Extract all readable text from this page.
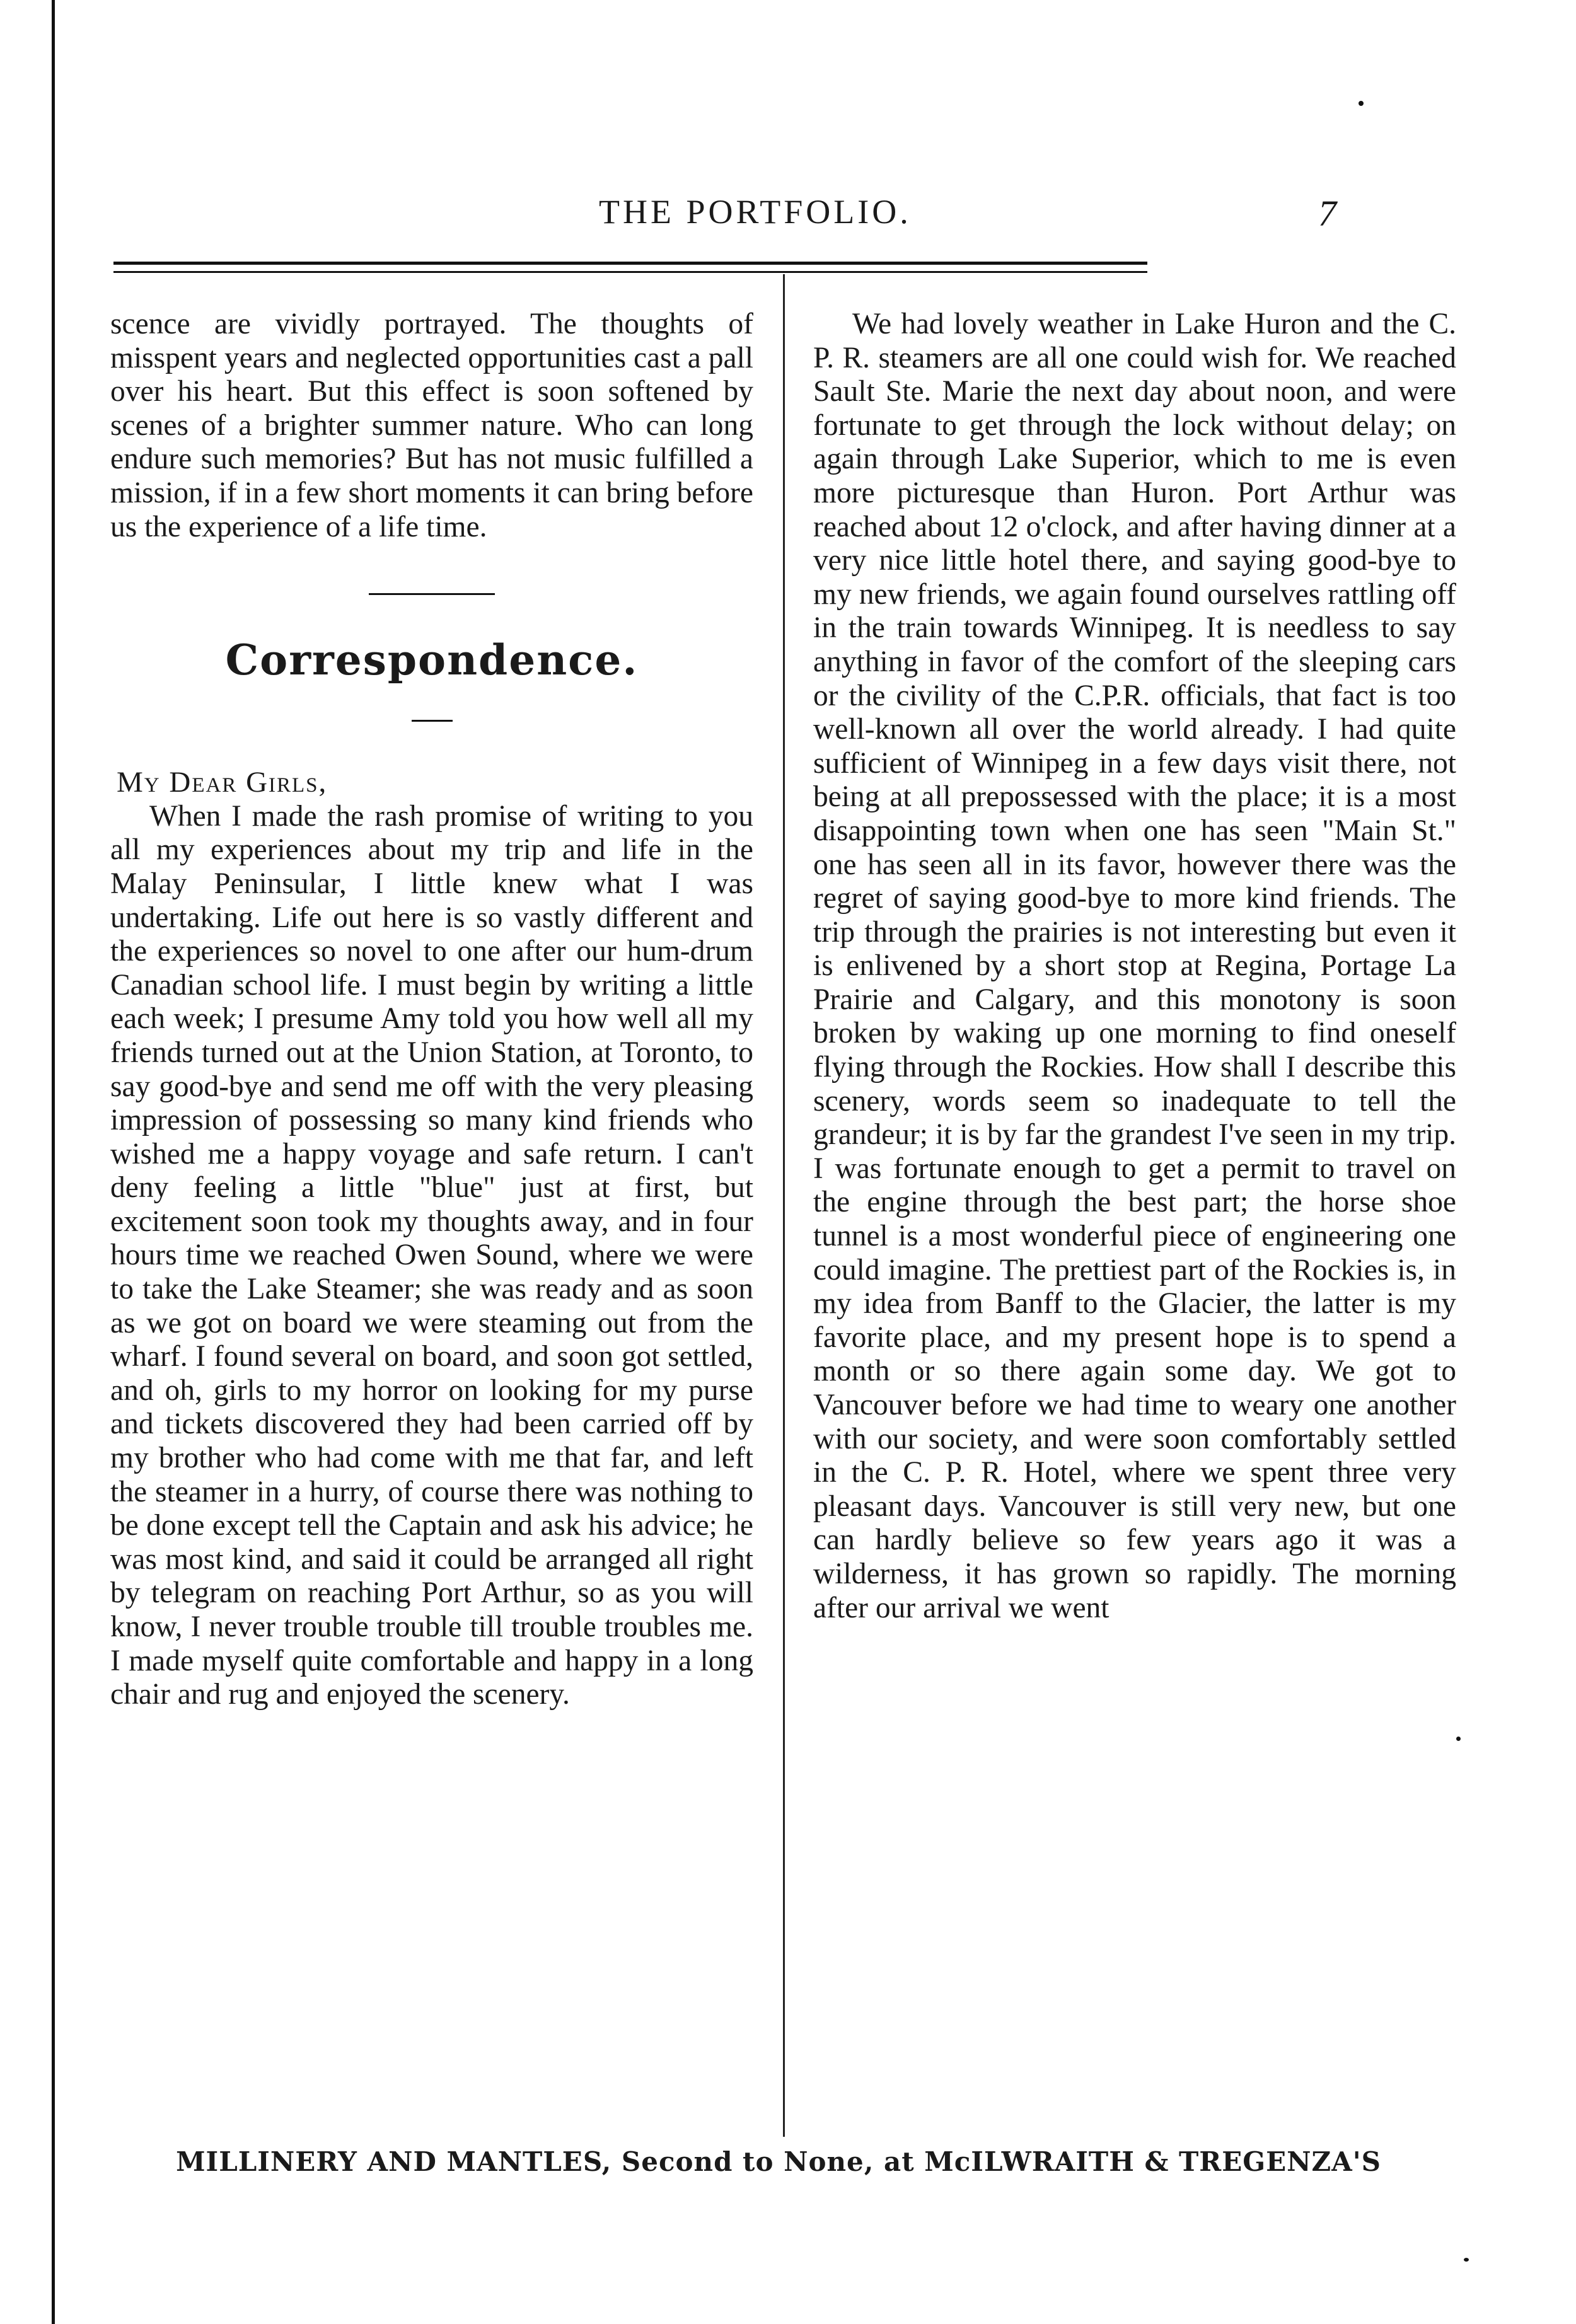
THE PORTFOLIO.	7

scence are vividly portrayed. The thoughts of misspent years and neglected opportunities cast a pall over his heart. But this effect is soon softened by scenes of a brighter summer nature. Who can long endure such memories? But has not music fulfilled a mission, if in a few short moments it can bring before us the experience of a life time.

Correspondence.

My Dear Girls,

When I made the rash promise of writing to you all my experiences about my trip and life in the Malay Peninsular, I little knew what I was undertaking. Life out here is so vastly different and the experiences so novel to one after our hum-drum Canadian school life. I must begin by writing a little each week; I presume Amy told you how well all my friends turned out at the Union Station, at Toronto, to say good-bye and send me off with the very pleasing impression of possessing so many kind friends who wished me a happy voyage and safe return. I can't deny feeling a little "blue" just at first, but excitement soon took my thoughts away, and in four hours time we reached Owen Sound, where we were to take the Lake Steamer; she was ready and as soon as we got on board we were steaming out from the wharf. I found several on board, and soon got settled, and oh, girls to my horror on looking for my purse and tickets discovered they had been carried off by my brother who had come with me that far, and left the steamer in a hurry, of course there was nothing to be done except tell the Captain and ask his advice; he was most kind, and said it could be arranged all right by telegram on reaching Port Arthur, so as you will know, I never trouble trouble till trouble troubles me. I made myself quite comfortable and happy in a long chair and rug and enjoyed the scenery.

We had lovely weather in Lake Huron and the C. P. R. steamers are all one could wish for. We reached Sault Ste. Marie the next day about noon, and were fortunate to get through the lock without delay; on again through Lake Superior, which to me is even more picturesque than Huron. Port Arthur was reached about 12 o'clock, and after having dinner at a very nice little hotel there, and saying good-bye to my new friends, we again found ourselves rattling off in the train towards Winnipeg. It is needless to say anything in favor of the comfort of the sleeping cars or the civility of the C.P.R. officials, that fact is too well-known all over the world already. I had quite sufficient of Winnipeg in a few days visit there, not being at all prepossessed with the place; it is a most disappointing town when one has seen "Main St." one has seen all in its favor, however there was the regret of saying good-bye to more kind friends. The trip through the prairies is not interesting but even it is enlivened by a short stop at Regina, Portage La Prairie and Calgary, and this monotony is soon broken by waking up one morning to find oneself flying through the Rockies. How shall I describe this scenery, words seem so inadequate to tell the grandeur; it is by far the grandest I've seen in my trip. I was fortunate enough to get a permit to travel on the engine through the best part; the horse shoe tunnel is a most wonderful piece of engineering one could imagine. The prettiest part of the Rockies is, in my idea from Banff to the Glacier, the latter is my favorite place, and my present hope is to spend a month or so there again some day. We got to Vancouver before we had time to weary one another with our society, and were soon comfortably settled in the C. P. R. Hotel, where we spent three very pleasant days. Vancouver is still very new, but one can hardly believe so few years ago it was a wilderness, it has grown so rapidly. The morning after our arrival we went

MILLINERY AND MANTLES, Second to None, at McILWRAITH & TREGENZA'S
